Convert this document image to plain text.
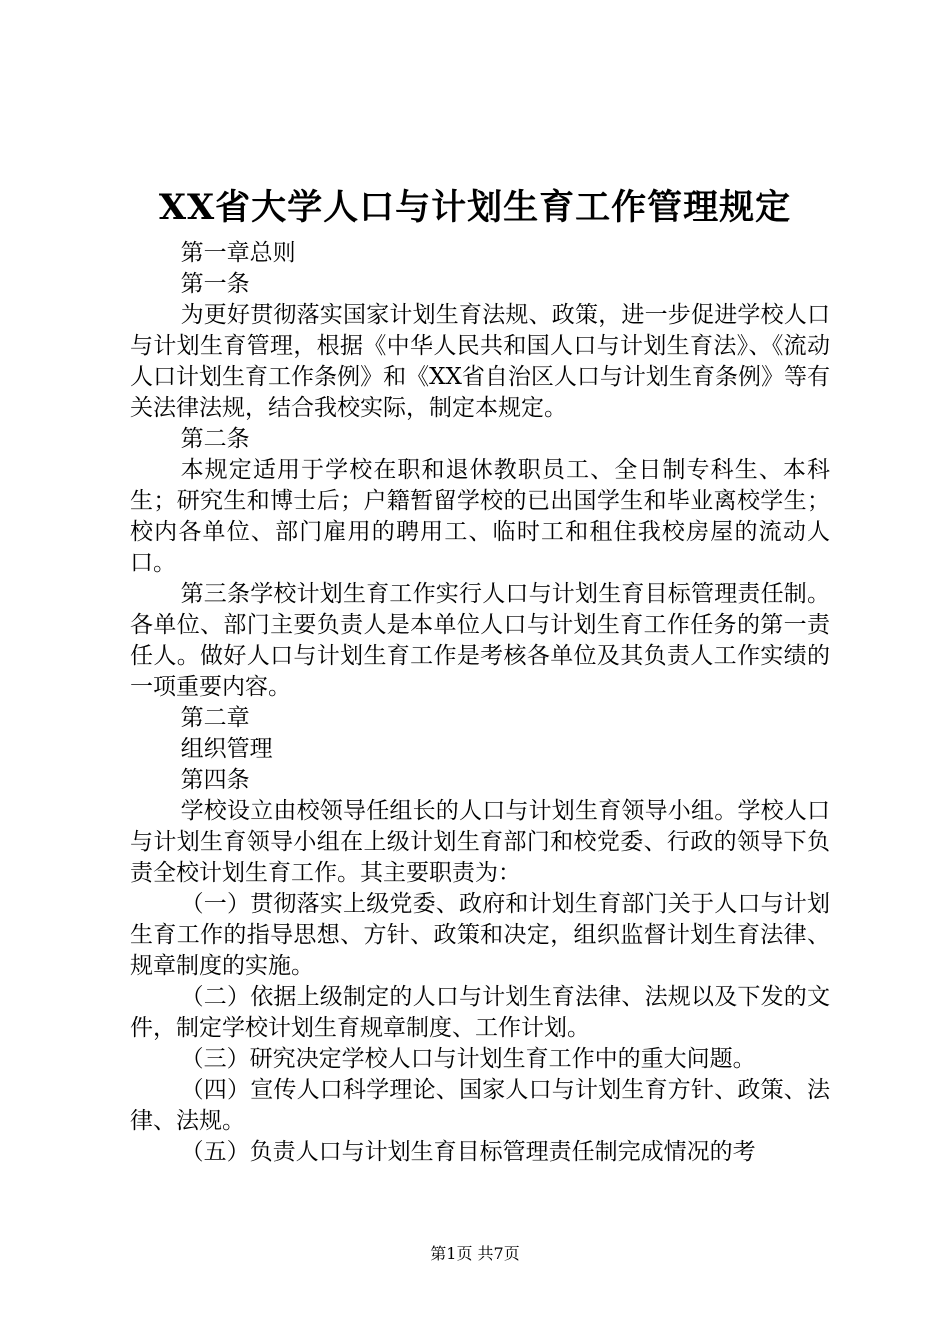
XX省大学人口与计划生育工作管理规定

第一章总则

第一条

为更好贯彻落实国家计划生育法规、政策，进一步促进学校人口与计划生育管理，根据《中华人民共和国人口与计划生育法》、《流动人口计划生育工作条例》和《XX省自治区人口与计划生育条例》等有关法律法规，结合我校实际，制定本规定。

第二条

本规定适用于学校在职和退休教职员工、全日制专科生、本科生；研究生和博士后；户籍暂留学校的已出国学生和毕业离校学生；校内各单位、部门雇用的聘用工、临时工和租住我校房屋的流动人口。

第三条学校计划生育工作实行人口与计划生育目标管理责任制。各单位、部门主要负责人是本单位人口与计划生育工作任务的第一责任人。做好人口与计划生育工作是考核各单位及其负责人工作实绩的一项重要内容。

第二章

组织管理

第四条

学校设立由校领导任组长的人口与计划生育领导小组。学校人口与计划生育领导小组在上级计划生育部门和校党委、行政的领导下负责全校计划生育工作。其主要职责为：

（一）贯彻落实上级党委、政府和计划生育部门关于人口与计划生育工作的指导思想、方针、政策和决定，组织监督计划生育法律、规章制度的实施。

（二）依据上级制定的人口与计划生育法律、法规以及下发的文件，制定学校计划生育规章制度、工作计划。

（三）研究决定学校人口与计划生育工作中的重大问题。

（四）宣传人口科学理论、国家人口与计划生育方针、政策、法律、法规。

（五）负责人口与计划生育目标管理责任制完成情况的考

第1页 共7页
